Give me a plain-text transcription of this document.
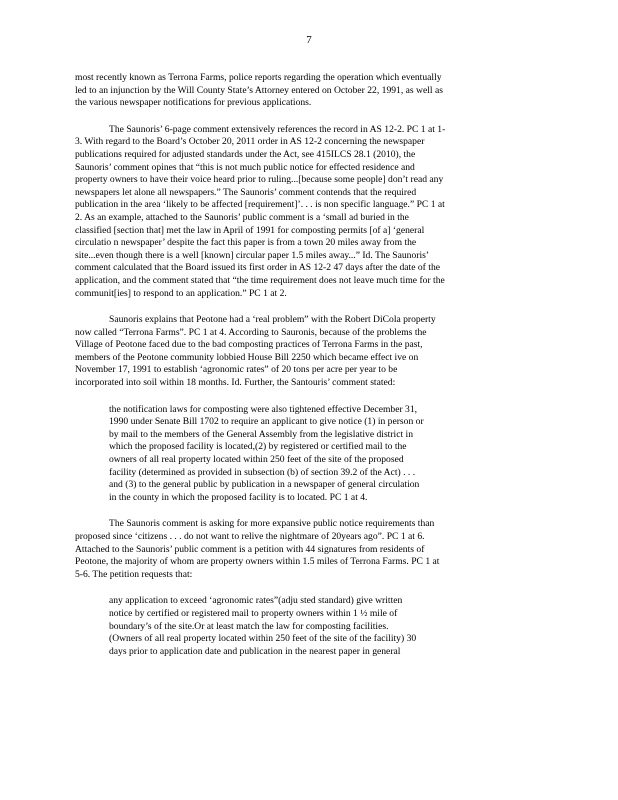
7

most recently known as Terrona Farms, police reports regarding the operation which eventually
led to an injunction by the Will County State’s Attorney entered on October 22, 1991, as well as
the various newspaper notifications for previous applications.

The Saunoris’ 6-page comment extensively references the record in AS 12-2. PC 1 at 1-
3. With regard to the Board’s October 20, 2011 order in AS 12-2 concerning the newspaper
publications required for adjusted standards under the Act, see 415ILCS 28.1 (2010), the
Saunoris’ comment opines that “this is not much public notice for effected residence and
property owners to have their voice heard prior to ruling...[because some people] don’t read any
newspapers let alone all newspapers.” The Saunoris’ comment contends that the required
publication in the area ‘likely to be affected [requirement]’. . . is non specific language.” PC 1 at
2. As an example, attached to the Saunoris’ public comment is a ‘small ad buried in the
classified [section that] met the law in April of 1991 for composting permits [of a] ‘general
circulatio n newspaper’ despite the fact this paper is from a town 20 miles away from the
site...even though there is a well [known] circular paper 1.5 miles away...” Id. The Saunoris’
comment calculated that the Board issued its first order in AS 12-2 47 days after the date of the
application, and the comment stated that “the time requirement does not leave much time for the
communit[ies] to respond to an application.” PC 1 at 2.

Saunoris explains that Peotone had a ‘real problem” with the Robert DiCola property
now called “Terrona Farms”. PC 1 at 4. According to Sauronis, because of the problems the
Village of Peotone faced due to the bad composting practices of Terrona Farms in the past,
members of the Peotone community lobbied House Bill 2250 which became effect ive on
November 17, 1991 to establish ‘agronomic rates” of 20 tons per acre per year to be
incorporated into soil within 18 months. Id. Further, the Santouris’ comment stated:

the notification laws for composting were also tightened effective December 31,
1990 under Senate Bill 1702 to require an applicant to give notice (1) in person or
by mail to the members of the General Assembly from the legislative district in
which the proposed facility is located,(2) by registered or certified mail to the
owners of all real property located within 250 feet of the site of the proposed
facility (determined as provided in subsection (b) of section 39.2 of the Act) . . .
and (3) to the general public by publication in a newspaper of general circulation
in the county in which the proposed facility is to located. PC 1 at 4.

The Saunoris comment is asking for more expansive public notice requirements than
proposed since ‘citizens . . . do not want to relive the nightmare of 20years ago”. PC 1 at 6.
Attached to the Saunoris’ public comment is a petition with 44 signatures from residents of
Peotone, the majority of whom are property owners within 1.5 miles of Terrona Farms. PC 1 at
5-6. The petition requests that:

any application to exceed ‘agronomic rates”(adju sted standard) give written
notice by certified or registered mail to property owners within 1 ½ mile of
boundary’s of the site.Or at least match the law for composting facilities.
(Owners of all real property located within 250 feet of the site of the facility) 30
days prior to application date and publication in the nearest paper in general
